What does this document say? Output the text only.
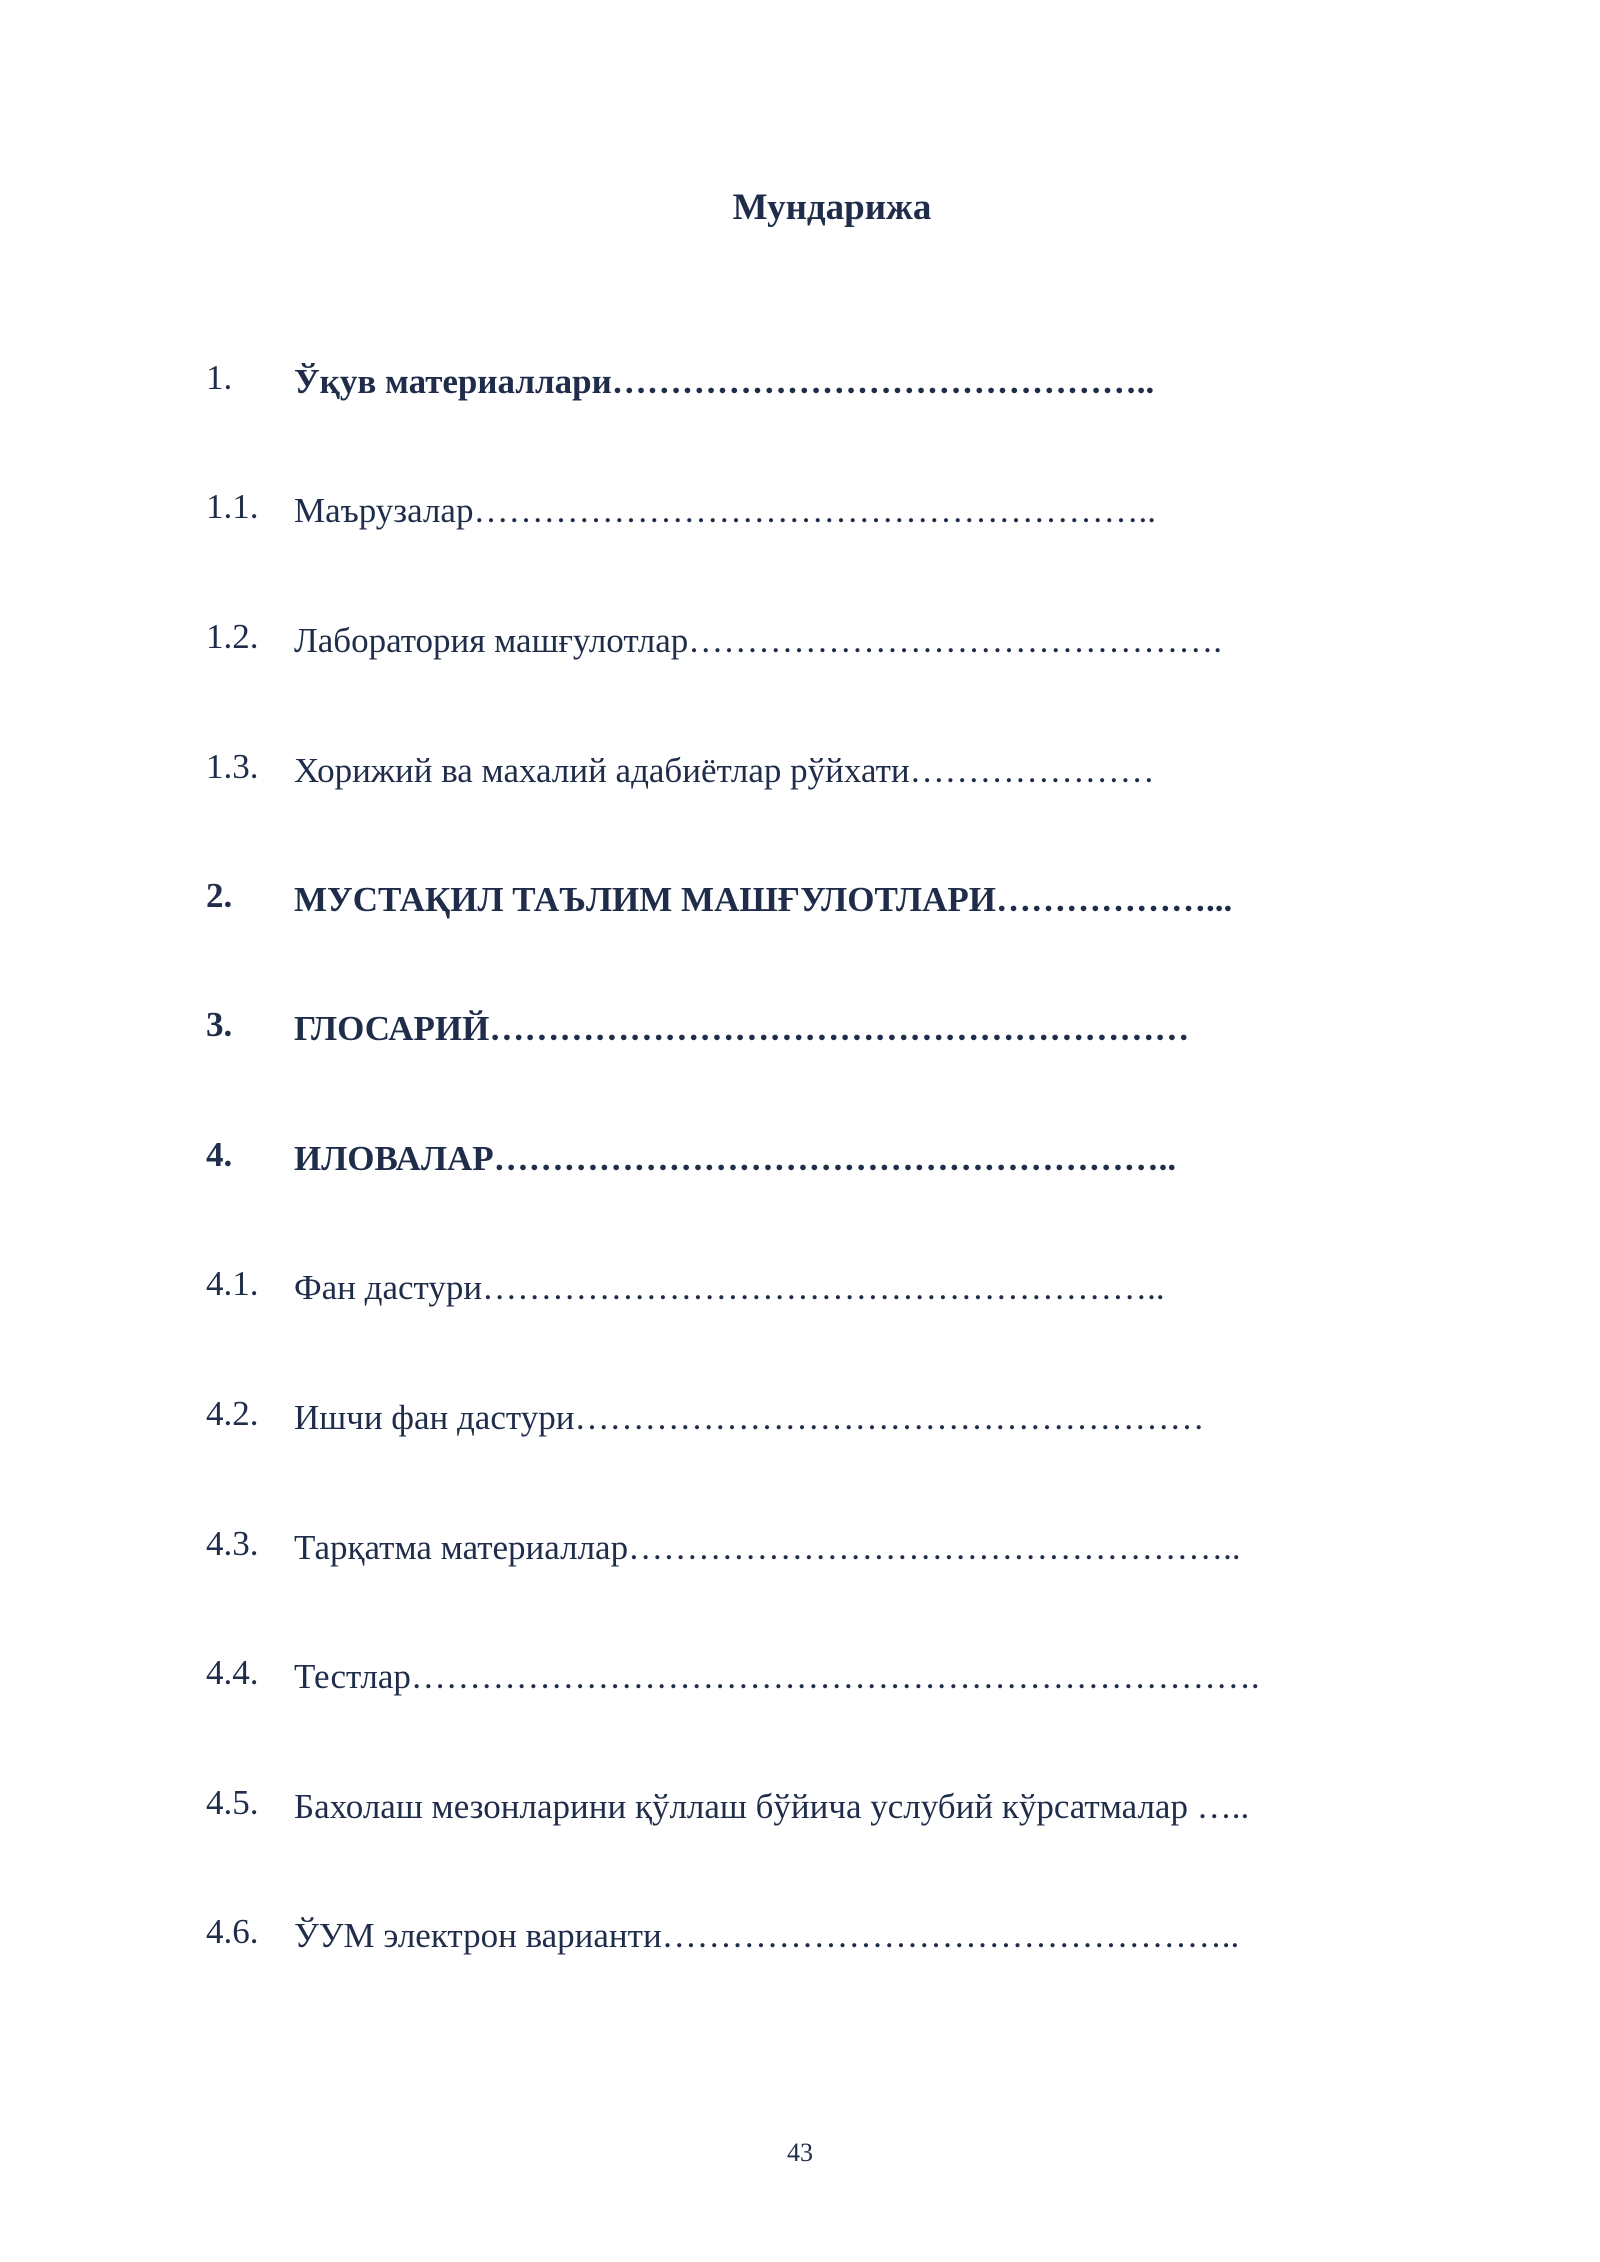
Мундарижа
1. Ўқув материаллари………………………………………..
1.1. Маърузалар…………………………………………………..
1.2. Лаборатория машғулотлар……………………………………….
1.3. Хорижий ва махалий адабиётлар рўйхати…………………
2. МУСТАҚИЛ ТАЪЛИМ МАШҒУЛОТЛАРИ………………...
3. ГЛОСАРИЙ……………………………………………………
4. ИЛОВАЛАР…………………………………………………..
4.1. Фан дастури…………………………………………………..
4.2. Ишчи фан дастури………………………………………………
4.3. Тарқатма материаллар……………………………………………..
4.4. Тестлар……………………………………………………………….
4.5. Бахолаш мезонларини қўллаш бўйича услубий кўрсатмалар …..
4.6. ЎУМ электрон варианти…………………………………………..
43
